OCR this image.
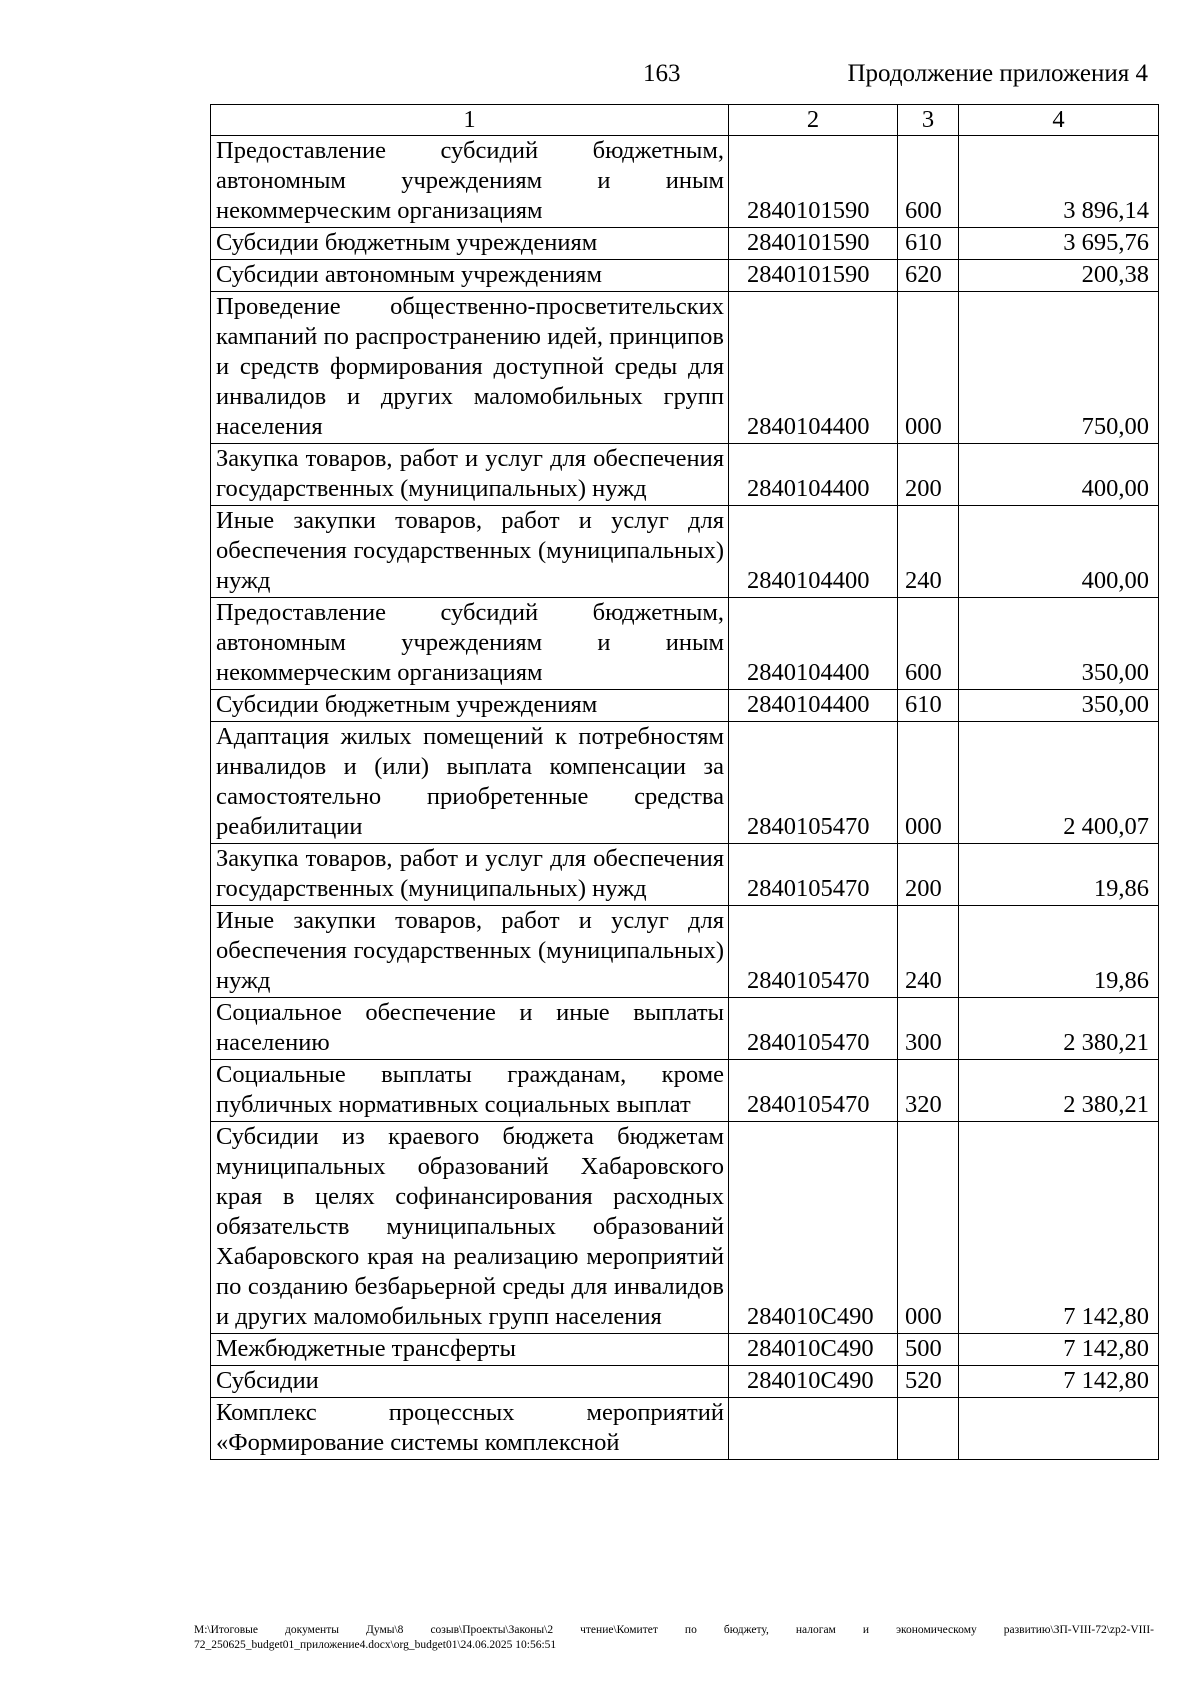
163	Продолжение приложения 4
1	2	3	4
Предоставление субсидий бюджетным, автономным учреждениям и иным некоммерческим организациям	2840101590	600	3 896,14
Субсидии бюджетным учреждениям	2840101590	610	3 695,76
Субсидии автономным учреждениям	2840101590	620	200,38
Проведение общественно-просветительских кампаний по распространению идей, принципов и средств формирования доступной среды для инвалидов и других маломобильных групп населения	2840104400	000	750,00
Закупка товаров, работ и услуг для обеспечения государственных (муниципальных) нужд	2840104400	200	400,00
Иные закупки товаров, работ и услуг для обеспечения государственных (муниципальных) нужд	2840104400	240	400,00
Предоставление субсидий бюджетным, автономным учреждениям и иным некоммерческим организациям	2840104400	600	350,00
Субсидии бюджетным учреждениям	2840104400	610	350,00
Адаптация жилых помещений к потребностям инвалидов и (или) выплата компенсации за самостоятельно приобретенные средства реабилитации	2840105470	000	2 400,07
Закупка товаров, работ и услуг для обеспечения государственных (муниципальных) нужд	2840105470	200	19,86
Иные закупки товаров, работ и услуг для обеспечения государственных (муниципальных) нужд	2840105470	240	19,86
Социальное обеспечение и иные выплаты населению	2840105470	300	2 380,21
Социальные выплаты гражданам, кроме публичных нормативных социальных выплат	2840105470	320	2 380,21
Субсидии из краевого бюджета бюджетам муниципальных образований Хабаровского края в целях софинансирования расходных обязательств муниципальных образований Хабаровского края на реализацию мероприятий по созданию безбарьерной среды для инвалидов и других маломобильных групп населения	284010С490	000	7 142,80
Межбюджетные трансферты	284010С490	500	7 142,80
Субсидии	284010С490	520	7 142,80
Комплекс процессных мероприятий «Формирование системы комплексной			
M:\Итоговые документы Думы\8 созыв\Проекты\Законы\2 чтение\Комитет по бюджету, налогам и экономическому развитию\ЗП-VIII-72\zp2-VIII-72_250625_budget01_приложение4.docx\org_budget01\24.06.2025 10:56:51
